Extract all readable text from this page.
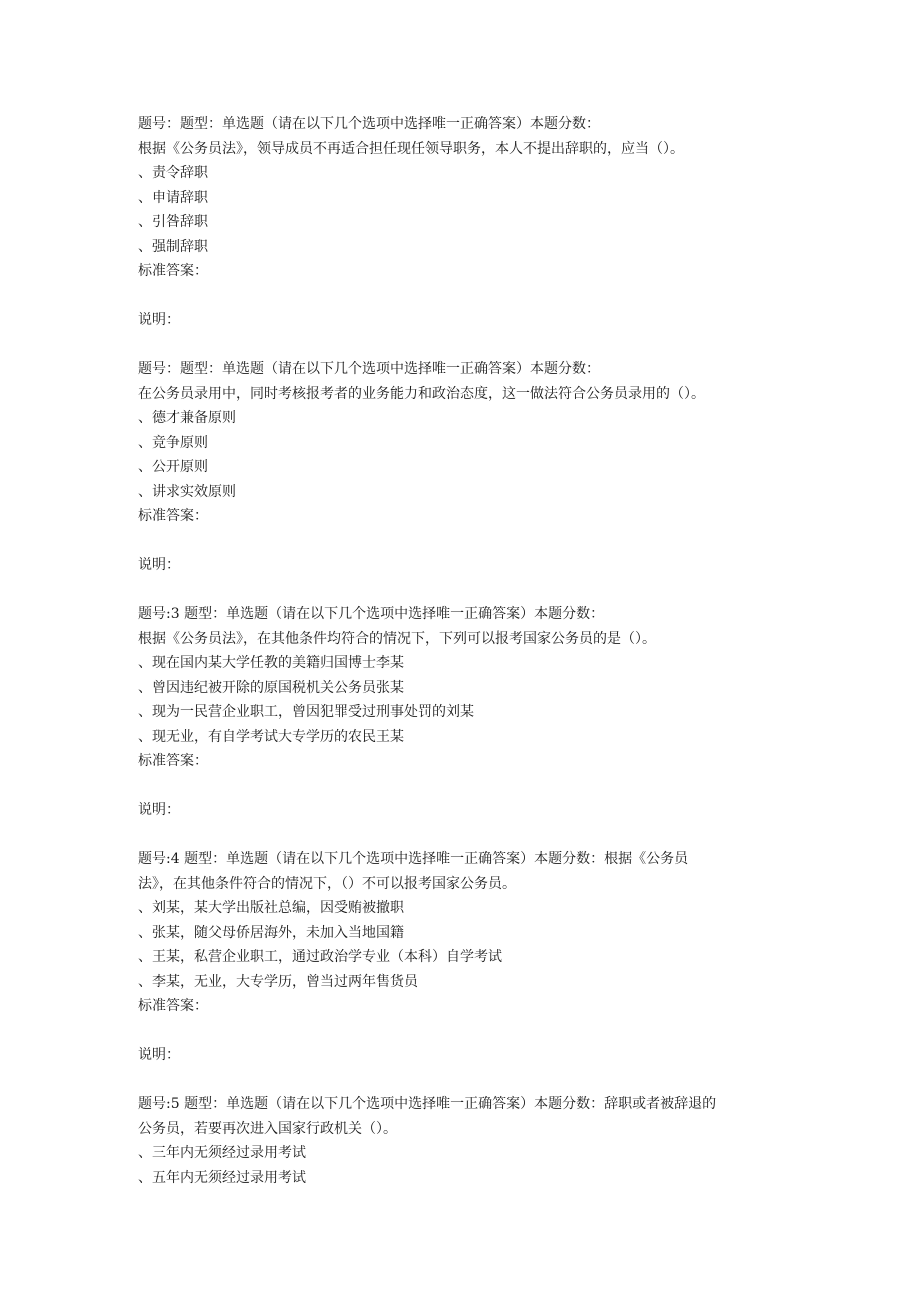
题号：题型：单选题（请在以下几个选项中选择唯一正确答案）本题分数：
根据《公务员法》，领导成员不再适合担任现任领导职务，本人不提出辞职的，应当（）。
、责令辞职
、申请辞职
、引咎辞职
、强制辞职
标准答案：
说明：
题号：题型：单选题（请在以下几个选项中选择唯一正确答案）本题分数：
在公务员录用中，同时考核报考者的业务能力和政治态度，这一做法符合公务员录用的（）。
、德才兼备原则
、竞争原则
、公开原则
、讲求实效原则
标准答案：
说明：
题号:3 题型：单选题（请在以下几个选项中选择唯一正确答案）本题分数：
根据《公务员法》，在其他条件均符合的情况下，下列可以报考国家公务员的是（）。
、现在国内某大学任教的美籍归国博士李某
、曾因违纪被开除的原国税机关公务员张某
、现为一民营企业职工，曾因犯罪受过刑事处罚的刘某
、现无业，有自学考试大专学历的农民王某
标准答案：
说明：
题号:4 题型：单选题（请在以下几个选项中选择唯一正确答案）本题分数：根据《公务员
法》，在其他条件符合的情况下，（）不可以报考国家公务员。
、刘某，某大学出版社总编，因受贿被撤职
、张某，随父母侨居海外，未加入当地国籍
、王某，私营企业职工，通过政治学专业（本科）自学考试
、李某，无业，大专学历，曾当过两年售货员
标准答案：
说明：
题号:5 题型：单选题（请在以下几个选项中选择唯一正确答案）本题分数：辞职或者被辞退的
公务员，若要再次进入国家行政机关（）。
、三年内无须经过录用考试
、五年内无须经过录用考试
